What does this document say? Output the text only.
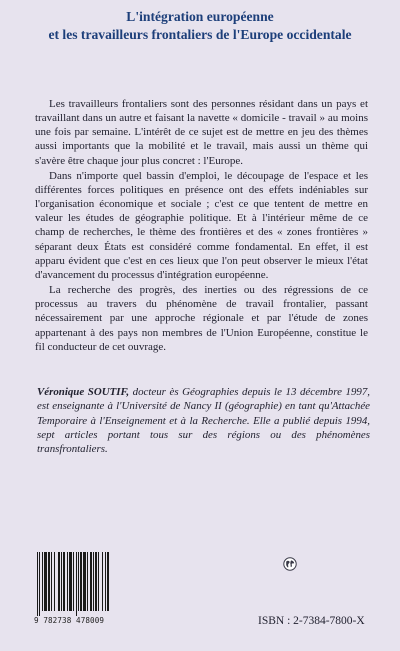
L'intégration européenne
et les travailleurs frontaliers de l'Europe occidentale

Les travailleurs frontaliers sont des personnes résidant dans un pays et travaillant dans un autre et faisant la navette « domicile - travail » au moins une fois par semaine. L'intérêt de ce sujet est de mettre en jeu des thèmes aussi importants que la mobilité et le travail, mais aussi un thème qui s'avère être chaque jour plus concret : l'Europe.

Dans n'importe quel bassin d'emploi, le découpage de l'espace et les différentes forces politiques en présence ont des effets indéniables sur l'organisation économique et sociale ; c'est ce que tentent de mettre en valeur les études de géographie politique. Et à l'intérieur même de ce champ de recherches, le thème des frontières et des « zones frontières » séparant deux États est considéré comme fondamental. En effet, il est apparu évident que c'est en ces lieux que l'on peut observer le mieux l'état d'avancement du processus d'intégration européenne.

La recherche des progrès, des inerties ou des régressions de ce processus au travers du phénomène de travail frontalier, passant nécessairement par une approche régionale et par l'étude de zones appartenant à des pays non membres de l'Union Européenne, constitue le fil conducteur de cet ouvrage.

Véronique SOUTIF, docteur ès Géographies depuis le 13 décembre 1997, est enseignante à l'Université de Nancy II (géographie) en tant qu'Attachée Temporaire à l'Enseignement et à la Recherche. Elle a publié depuis 1994, sept articles portant tous sur des régions ou des phénomènes transfrontaliers.
9 782738 478009	ISBN : 2-7384-7800-X
